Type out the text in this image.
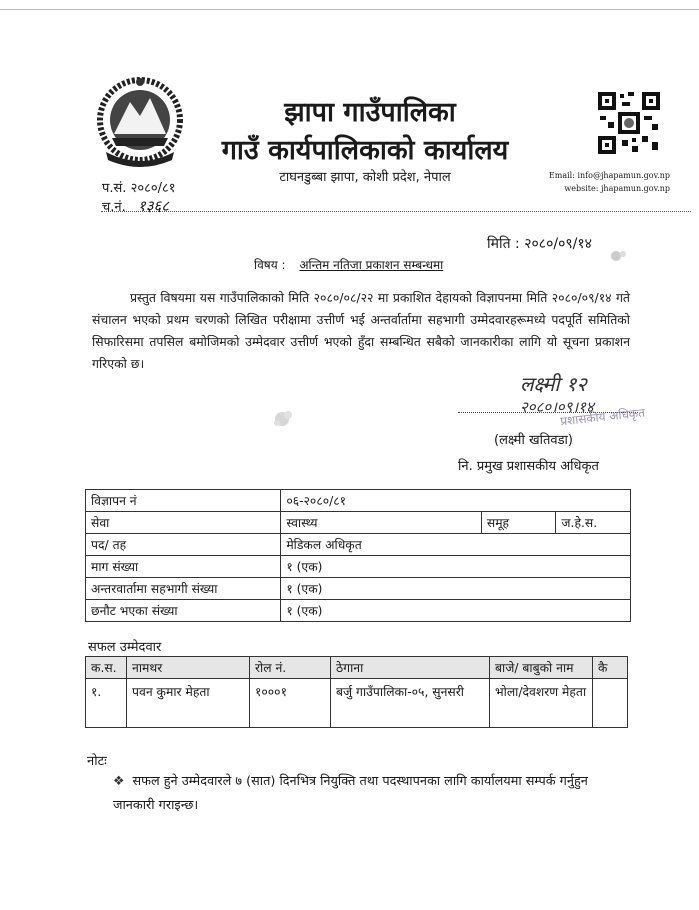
झापा गाउँपालिका
गाउँ कार्यपालिकाको कार्यालय
टाघनडुब्बा झापा, कोशी प्रदेश, नेपाल	Email: info@jhapamun.gov.np
website: jhapamun.gov.np
प.सं. २०८०/८१
च.नं. १३६८
मिति : २०८०/०९/१४
विषय : अन्तिम नतिजा प्रकाशन सम्बन्धमा
प्रस्तुत विषयमा यस गाउँपालिकाको मिति २०८०/०८/२२ मा प्रकाशित देहायको विज्ञापनमा मिति २०८०/०९/१४ गते संचालन भएको प्रथम चरणको लिखित परीक्षामा उत्तीर्ण भई अन्तर्वार्तामा सहभागी उम्मेदवारहरूमध्ये पदपूर्ति समितिको सिफारिसमा तपसिल बमोजिमको उम्मेदवार उत्तीर्ण भएको हुँदा सम्बन्धित सबैको जानकारीका लागि यो सूचना प्रकाशन गरिएको छ।
लक्ष्मी १२
२०८०।०९।१४
प्रशासकीय अधिकृत
(लक्ष्मी खतिवडा)
नि. प्रमुख प्रशासकीय अधिकृत
विज्ञापन नं	०६-२०८०/८१		
सेवा	स्वास्थ्य	समूह	ज.हे.स.
पद/ तह	मेडिकल अधिकृत		
माग संख्या	१ (एक)		
अन्तरवार्तामा सहभागी संख्या	१ (एक)		
छनौट भएका संख्या	१ (एक)		
सफल उम्मेदवार
क.स.	नामथर	रोल नं.	ठेगाना	बाजे/ बाबुको नाम	कै
१.	पवन कुमार मेहता	१०००१	बर्जु गाउँपालिका-०५, सुनसरी	भोला/देवशरण मेहता	
नोटः
❖ सफल हुने उम्मेदवारले ७ (सात) दिनभित्र नियुक्ति तथा पदस्थापनका लागि कार्यालयमा सम्पर्क गर्नुहुन जानकारी गराइन्छ।
